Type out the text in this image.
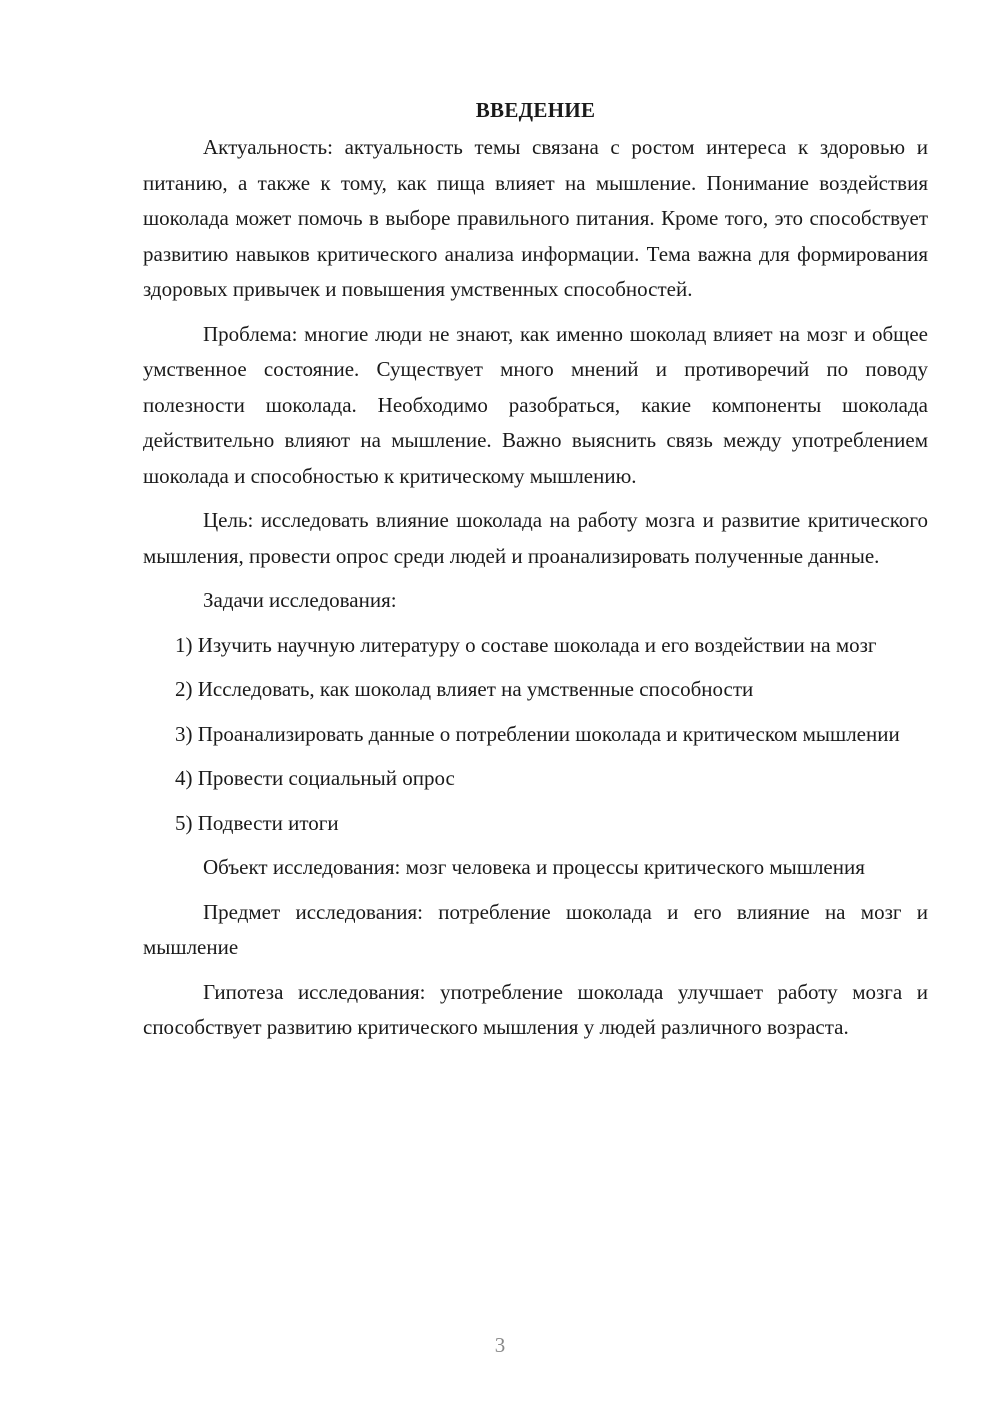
ВВЕДЕНИЕ

Актуальность: актуальность темы связана с ростом интереса к здоровью и питанию, а также к тому, как пища влияет на мышление. Понимание воздействия шоколада может помочь в выборе правильного питания. Кроме того, это способствует развитию навыков критического анализа информации. Тема важна для формирования здоровых привычек и повышения умственных способностей.

Проблема: многие люди не знают, как именно шоколад влияет на мозг и общее умственное состояние. Существует много мнений и противоречий по поводу полезности шоколада. Необходимо разобраться, какие компоненты шоколада действительно влияют на мышление. Важно выяснить связь между употреблением шоколада и способностью к критическому мышлению.

Цель: исследовать влияние шоколада на работу мозга и развитие критического мышления, провести опрос среди людей и проанализировать полученные данные.

Задачи исследования:

1) Изучить научную литературу о составе шоколада и его воздействии на мозг

2) Исследовать, как шоколад влияет на умственные способности

3) Проанализировать данные о потреблении шоколада и критическом мышлении

4) Провести социальный опрос

5) Подвести итоги

Объект исследования: мозг человека и процессы критического мышления

Предмет исследования: потребление шоколада и его влияние на мозг и мышление

Гипотеза исследования: употребление шоколада улучшает работу мозга и способствует развитию критического мышления у людей различного возраста.

3
